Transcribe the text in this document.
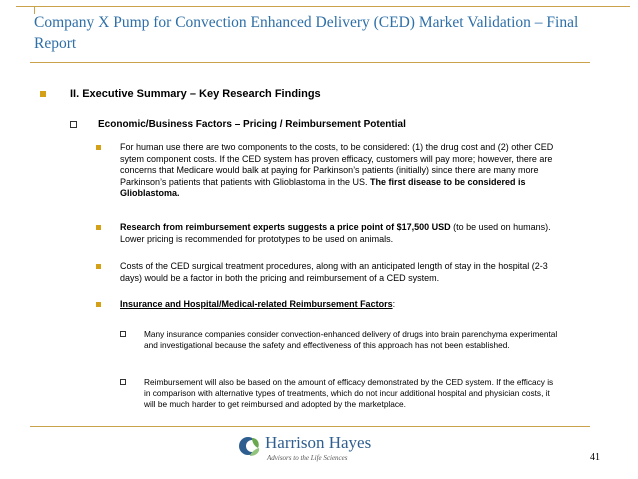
Company X Pump for Convection Enhanced Delivery (CED) Market Validation – Final Report
II. Executive Summary – Key Research Findings
Economic/Business Factors – Pricing / Reimbursement Potential
For human use there are two components to the costs, to be considered: (1) the drug cost and (2) other CED sytem component costs. If the CED system has proven efficacy, customers will pay more; however, there are concerns that Medicare would balk at paying for Parkinson’s patients (initially) since there are many more Parkinson’s patients that patients with Glioblastoma in the US. The first disease to be considered is Glioblastoma.
Research from reimbursement experts suggests a price point of $17,500 USD (to be used on humans). Lower pricing is recommended for prototypes to be used on animals.
Costs of the CED surgical treatment procedures, along with an anticipated length of stay in the hospital (2-3 days) would be a factor in both the pricing and reimbursement of a CED system.
Insurance and Hospital/Medical-related Reimbursement Factors:
Many insurance companies consider convection-enhanced delivery of drugs into brain parenchyma experimental and investigational because the safety and effectiveness of this approach has not been established.
Reimbursement will also be based on the amount of efficacy demonstrated by the CED system. If the efficacy is in comparison with alternative types of treatments, which do not incur additional hospital and physician costs, it will be much harder to get reimbursed and adopted by the marketplace.
Harrison Hayes
Advisors to the Life Sciences	41
